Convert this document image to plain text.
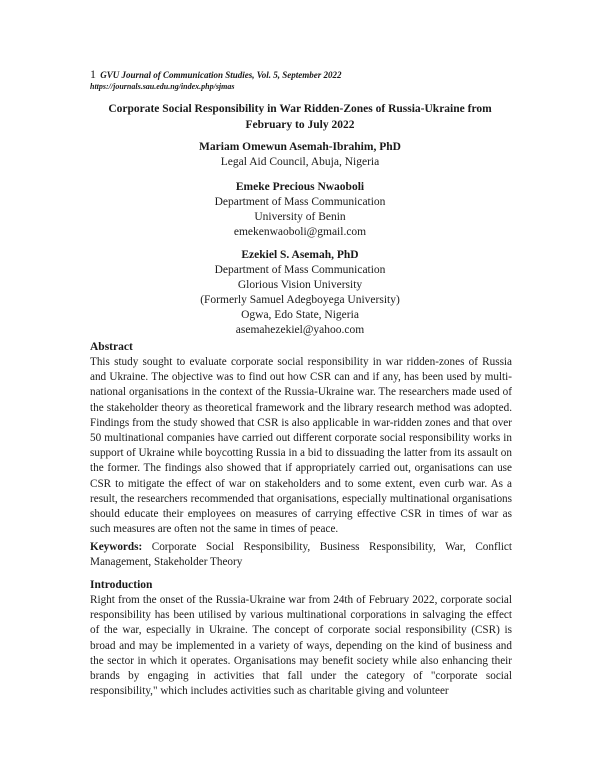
1 GVU Journal of Communication Studies, Vol. 5, September 2022
https://journals.sau.edu.ng/index.php/sjmas
Corporate Social Responsibility in War Ridden-Zones of Russia-Ukraine from February to July 2022
Mariam Omewun Asemah-Ibrahim, PhD
Legal Aid Council, Abuja, Nigeria
Emeke Precious Nwaoboli
Department of Mass Communication
University of Benin
emekenwaoboli@gmail.com
Ezekiel S. Asemah, PhD
Department of Mass Communication
Glorious Vision University
(Formerly Samuel Adegboyega University)
Ogwa, Edo State, Nigeria
asemahezekiel@yahoo.com
Abstract

This study sought to evaluate corporate social responsibility in war ridden-zones of Russia and Ukraine. The objective was to find out how CSR can and if any, has been used by multi-national organisations in the context of the Russia-Ukraine war. The researchers made used of the stakeholder theory as theoretical framework and the library research method was adopted. Findings from the study showed that CSR is also applicable in war-ridden zones and that over 50 multinational companies have carried out different corporate social responsibility works in support of Ukraine while boycotting Russia in a bid to dissuading the latter from its assault on the former. The findings also showed that if appropriately carried out, organisations can use CSR to mitigate the effect of war on stakeholders and to some extent, even curb war. As a result, the researchers recommended that organisations, especially multinational organisations should educate their employees on measures of carrying effective CSR in times of war as such measures are often not the same in times of peace.

Keywords: Corporate Social Responsibility, Business Responsibility, War, Conflict Management, Stakeholder Theory

Introduction

Right from the onset of the Russia-Ukraine war from 24th of February 2022, corporate social responsibility has been utilised by various multinational corporations in salvaging the effect of the war, especially in Ukraine. The concept of corporate social responsibility (CSR) is broad and may be implemented in a variety of ways, depending on the kind of business and the sector in which it operates. Organisations may benefit society while also enhancing their brands by engaging in activities that fall under the category of "corporate social responsibility," which includes activities such as charitable giving and volunteer
